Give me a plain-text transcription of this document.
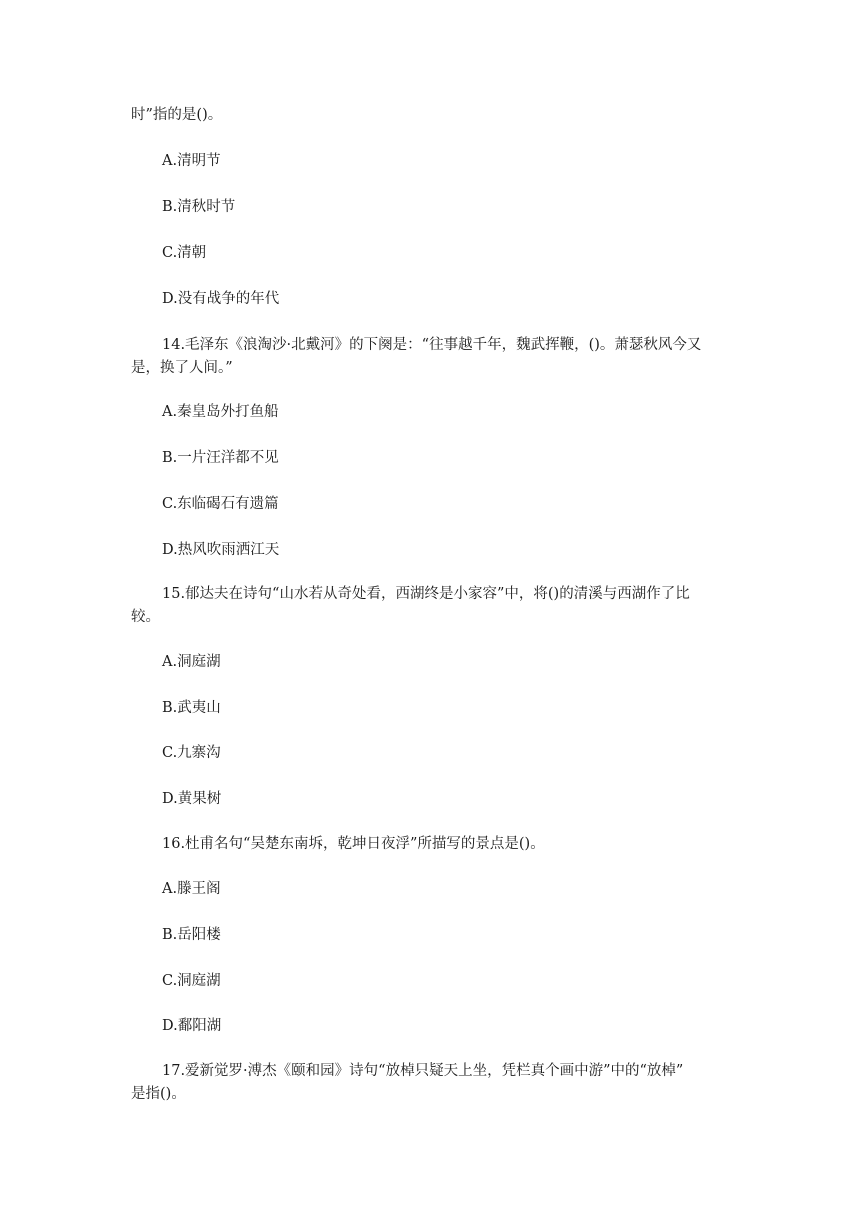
时”指的是()。
A.清明节
B.清秋时节
C.清朝
D.没有战争的年代
14.毛泽东《浪淘沙·北戴河》的下阕是：“往事越千年，魏武挥鞭，()。萧瑟秋风今又
是，换了人间。”
A.秦皇岛外打鱼船
B.一片汪洋都不见
C.东临碣石有遗篇
D.热风吹雨洒江天
15.郁达夫在诗句“山水若从奇处看，西湖终是小家容”中，将()的清溪与西湖作了比
较。
A.洞庭湖
B.武夷山
C.九寨沟
D.黄果树
16.杜甫名句“吴楚东南坼，乾坤日夜浮”所描写的景点是()。
A.滕王阁
B.岳阳楼
C.洞庭湖
D.鄱阳湖
17.爱新觉罗·溥杰《颐和园》诗句“放棹只疑天上坐，凭栏真个画中游”中的“放棹”
是指()。
